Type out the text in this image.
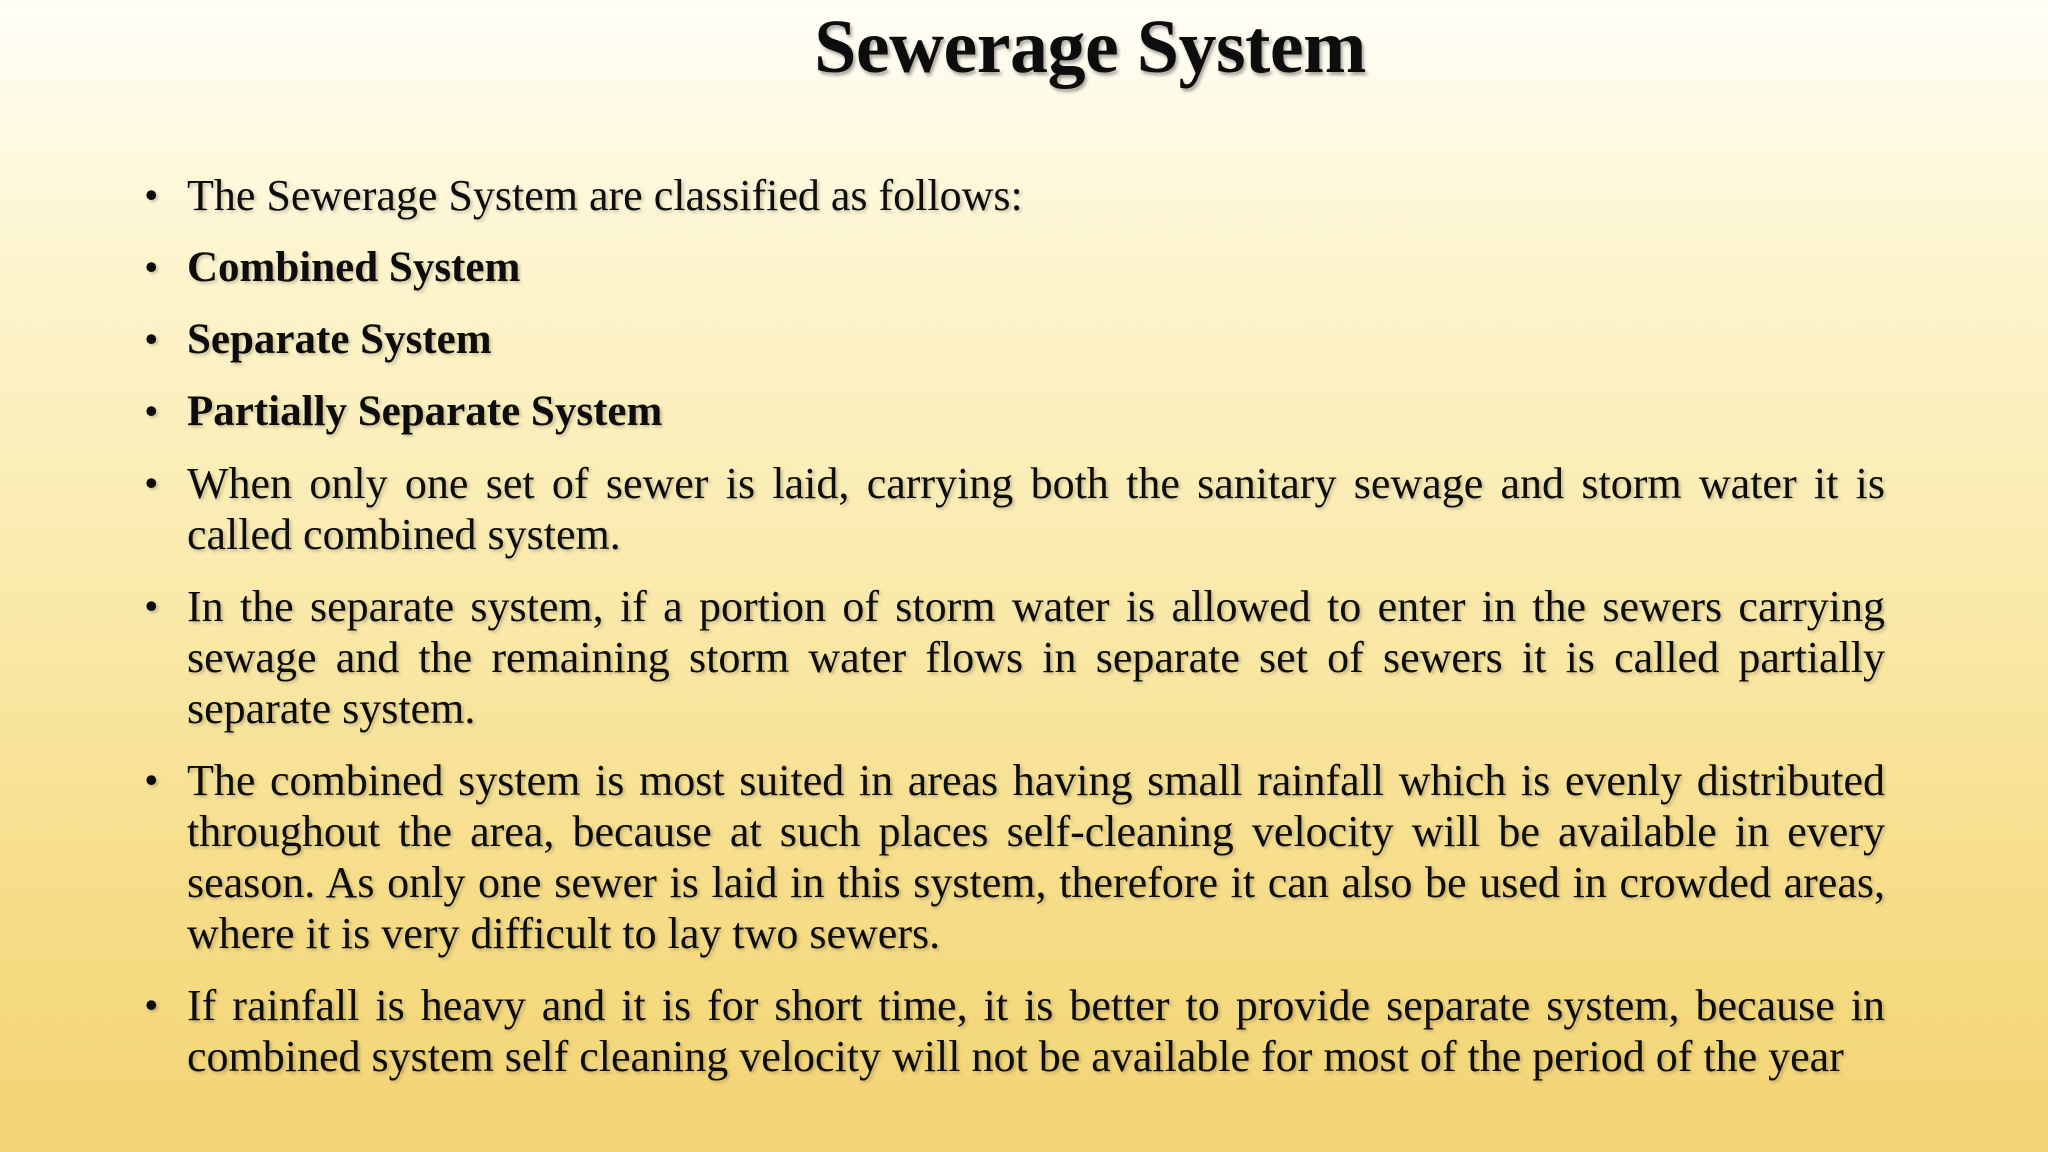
Sewerage System
• The Sewerage System are classified as follows:
• Combined System
• Separate System
• Partially Separate System
• When only one set of sewer is laid, carrying both the sanitary sewage and storm water it is called combined system.
• In the separate system, if a portion of storm water is allowed to enter in the sewers carrying sewage and the remaining storm water flows in separate set of sewers it is called partially separate system.
• The combined system is most suited in areas having small rainfall which is evenly distributed throughout the area, because at such places self-cleaning velocity will be available in every season. As only one sewer is laid in this system, therefore it can also be used in crowded areas, where it is very difficult to lay two sewers.
• If rainfall is heavy and it is for short time, it is better to provide separate system, because in combined system self cleaning velocity will not be available for most of the period of the year
